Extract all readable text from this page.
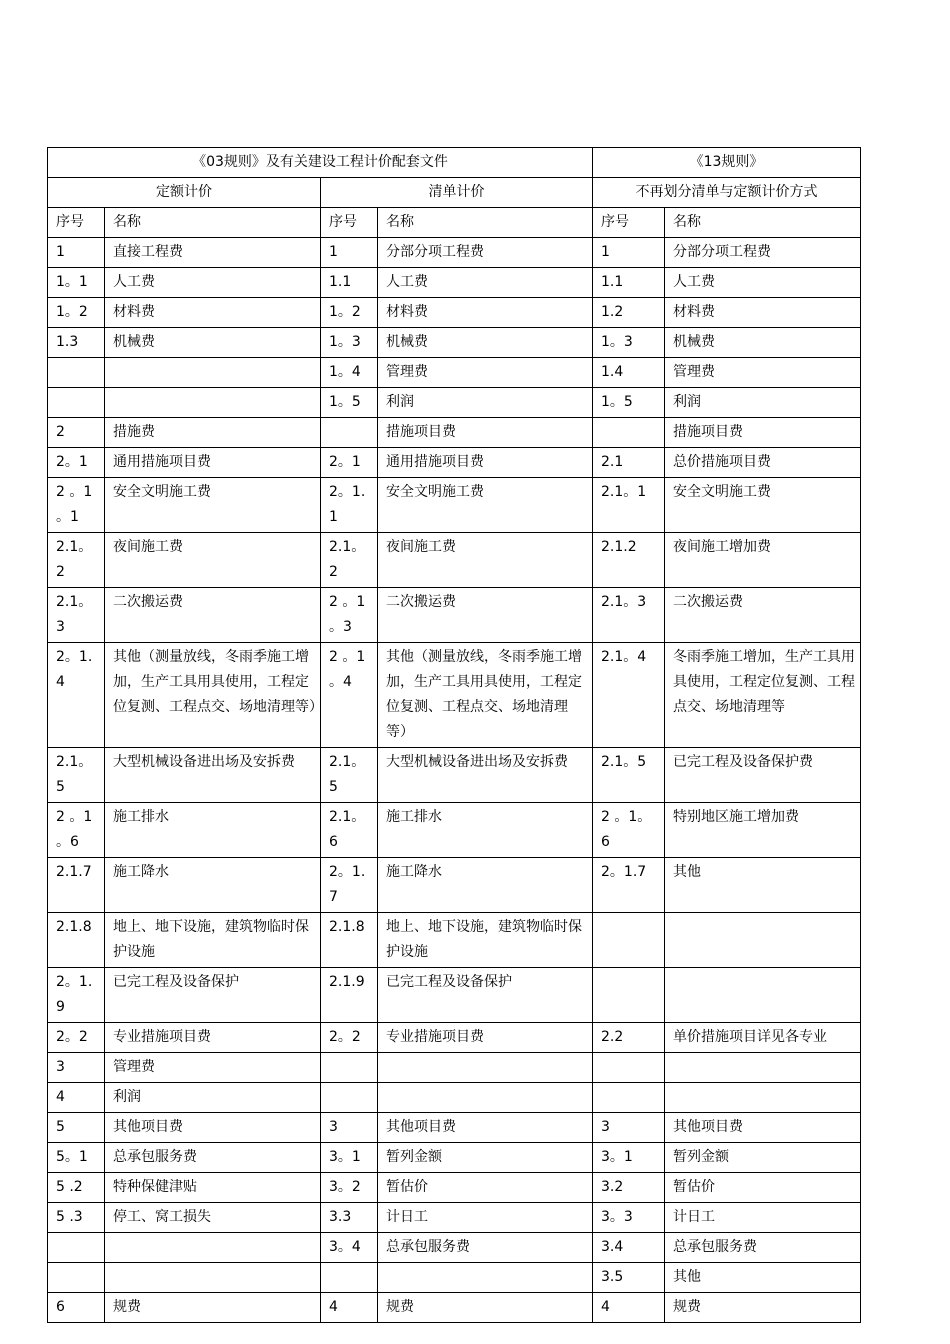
《03规则》及有关建设工程计价配套文件				《13规则》	
定额计价		清单计价		不再划分清单与定额计价方式	
序号	名称	序号	名称	序号	名称
1	直接工程费	1	分部分项工程费	1	分部分项工程费
1。1	人工费	1.1	人工费	1.1	人工费
1。2	材料费	1。2	材料费	1.2	材料费
1.3	机械费	1。3	机械费	1。3	机械费
		1。4	管理费	1.4	管理费
		1。5	利润	1。5	利润
2	措施费		措施项目费		措施项目费
2。1	通用措施项目费	2。1	通用措施项目费	2.1	总价措施项目费
2 。1 。1	安全文明施工费	2。1.1	安全文明施工费	2.1。1	安全文明施工费
2.1。2	夜间施工费	2.1。2	夜间施工费	2.1.2	夜间施工增加费
2.1。3	二次搬运费	2 。1 。3	二次搬运费	2.1。3	二次搬运费
2。1.4	其他（测量放线，冬雨季施工增加，生产工具用具使用，工程定位复测、工程点交、场地清理等）	2 。1 。4	其他（测量放线，冬雨季施工增加，生产工具用具使用，工程定位复测、工程点交、场地清理等）	2.1。4	冬雨季施工增加，生产工具用具使用，工程定位复测、工程点交、场地清理等
2.1。5	大型机械设备进出场及安拆费	2.1。5	大型机械设备进出场及安拆费	2.1。5	已完工程及设备保护费
2 。1 。6	施工排水	2.1。6	施工排水	2 。1。6	特别地区施工增加费
2.1.7	施工降水	2。1.7	施工降水	2。1.7	其他
2.1.8	地上、地下设施，建筑物临时保护设施	2.1.8	地上、地下设施，建筑物临时保护设施		
2。1.9	已完工程及设备保护	2.1.9	已完工程及设备保护		
2。2	专业措施项目费	2。2	专业措施项目费	2.2	单价措施项目详见各专业
3	管理费				
4	利润				
5	其他项目费	3	其他项目费	3	其他项目费
5。1	总承包服务费	3。1	暂列金额	3。1	暂列金额
5 .2	特种保健津贴	3。2	暂估价	3.2	暂估价
5 .3	停工、窝工损失	3.3	计日工	3。3	计日工
		3。4	总承包服务费	3.4	总承包服务费
				3.5	其他
6	规费	4	规费	4	规费
